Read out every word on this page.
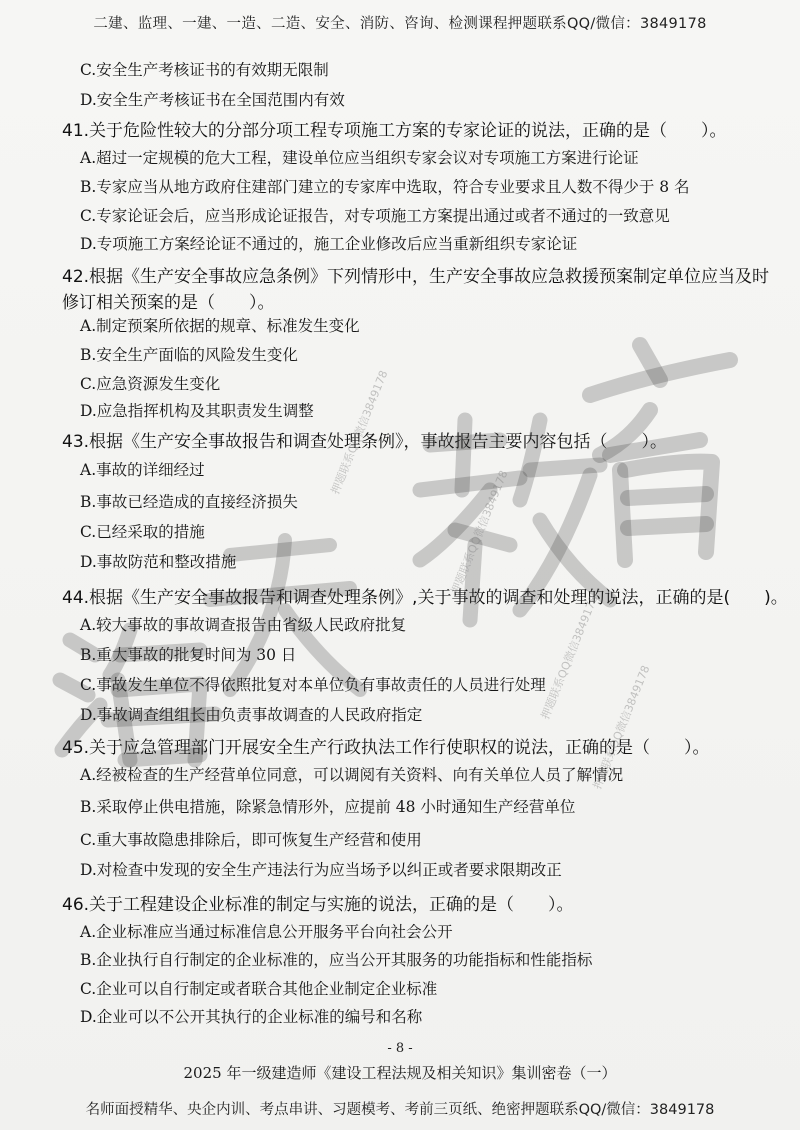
二建、监理、一建、一造、二造、安全、消防、咨询、检测课程押题联系QQ/微信：3849178
C.安全生产考核证书的有效期无限制
D.安全生产考核证书在全国范围内有效
41.关于危险性较大的分部分项工程专项施工方案的专家论证的说法，正确的是（　　）。
A.超过一定规模的危大工程，建设单位应当组织专家会议对专项施工方案进行论证
B.专家应当从地方政府住建部门建立的专家库中选取，符合专业要求且人数不得少于 8 名
C.专家论证会后，应当形成论证报告，对专项施工方案提出通过或者不通过的一致意见
D.专项施工方案经论证不通过的，施工企业修改后应当重新组织专家论证
42.根据《生产安全事故应急条例》下列情形中，生产安全事故应急救援预案制定单位应当及时
修订相关预案的是（　　）。
A.制定预案所依据的规章、标准发生变化
B.安全生产面临的风险发生变化
C.应急资源发生变化
D.应急指挥机构及其职责发生调整
43.根据《生产安全事故报告和调查处理条例》，事故报告主要内容包括（　　）。
A.事故的详细经过
B.事故已经造成的直接经济损失
C.已经采取的措施
D.事故防范和整改措施
44.根据《生产安全事故报告和调查处理条例》,关于事故的调查和处理的说法，正确的是(　　)。
A.较大事故的事故调查报告由省级人民政府批复
B.重大事故的批复时间为 30 日
C.事故发生单位不得依照批复对本单位负有事故责任的人员进行处理
D.事故调查组组长由负责事故调查的人民政府指定
45.关于应急管理部门开展安全生产行政执法工作行使职权的说法，正确的是（　　）。
A.经被检查的生产经营单位同意，可以调阅有关资料、向有关单位人员了解情况
B.采取停止供电措施，除紧急情形外，应提前 48 小时通知生产经营单位
C.重大事故隐患排除后，即可恢复生产经营和使用
D.对检查中发现的安全生产违法行为应当场予以纠正或者要求限期改正
46.关于工程建设企业标准的制定与实施的说法，正确的是（　　）。
A.企业标准应当通过标准信息公开服务平台向社会公开
B.企业执行自行制定的企业标准的，应当公开其服务的功能指标和性能指标
C.企业可以自行制定或者联合其他企业制定企业标准
D.企业可以不公开其执行的企业标准的编号和名称
押题联系QQ微信3849178
押题联系QQ微信3849178
押题联系QQ微信3849178
押题联系QQ微信3849178
- 8 -
2025 年一级建造师《建设工程法规及相关知识》集训密卷（一）
名师面授精华、央企内训、考点串讲、习题模考、考前三页纸、绝密押题联系QQ/微信：3849178
